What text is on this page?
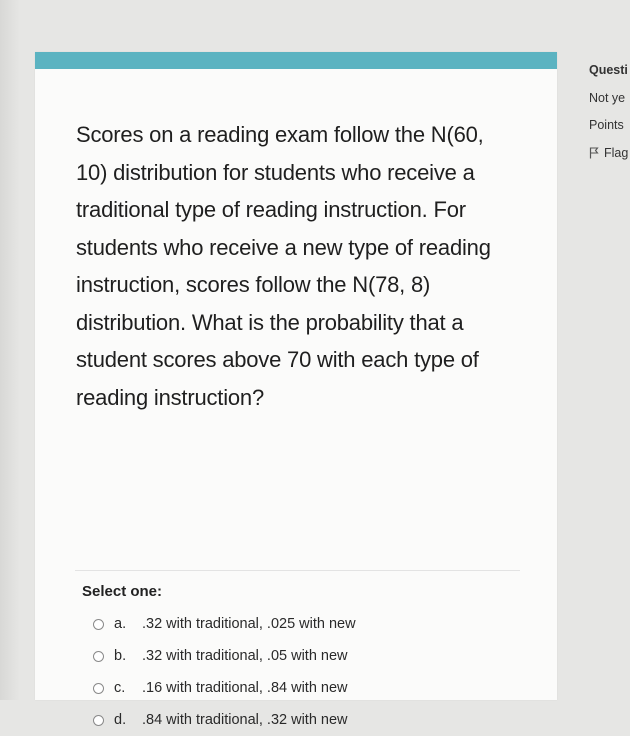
Scores on a reading exam follow the N(60, 10) distribution for students who receive a traditional type of reading instruction. For students who receive a new type of reading instruction, scores follow the N(78, 8) distribution. What is the probability that a student scores above 70 with each type of reading instruction?
Select one:
a.	.32 with traditional, .025 with new
b.	.32 with traditional, .05 with new
c.	.16 with traditional, .84 with new
d.	.84 with traditional, .32 with new
Questi
Not ye
Points
Flag
